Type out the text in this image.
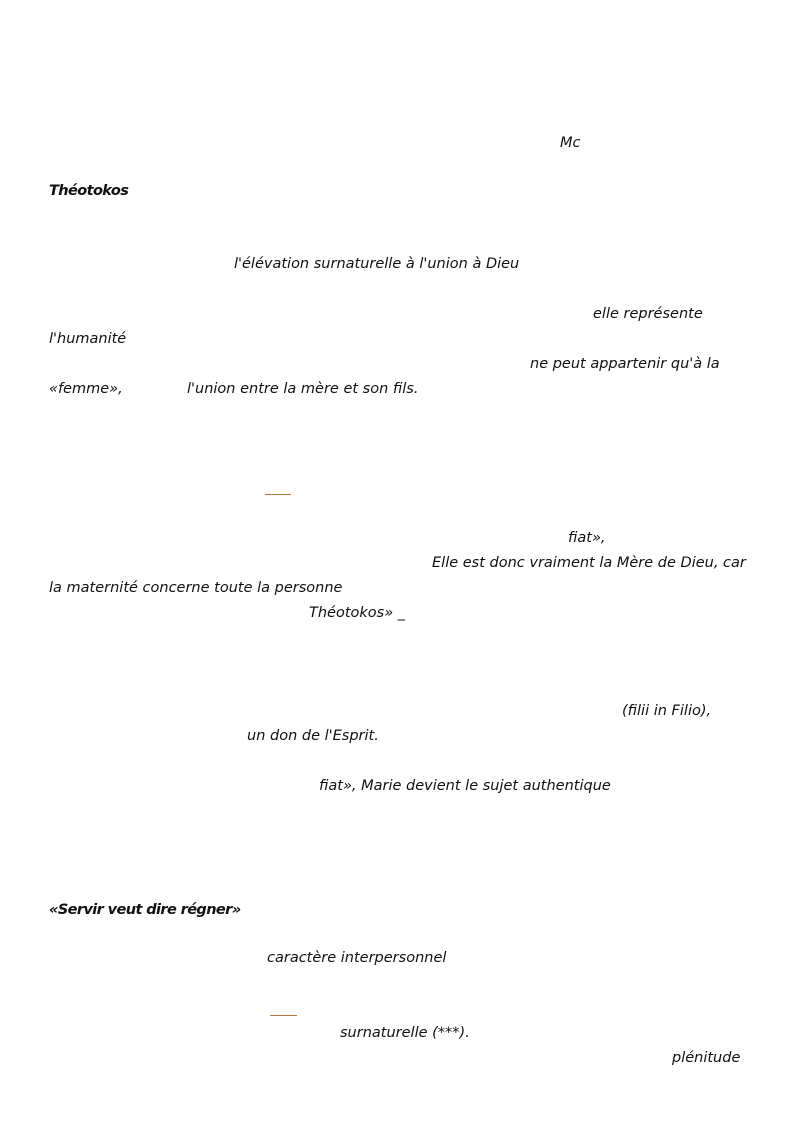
Mc
Théotokos
l'élévation surnaturelle à l'union à Dieu
elle représente
l'humanité
ne peut appartenir qu'à la
«femme»,	l'union entre la mère et son fils.
fiat»,
Elle est donc vraiment la Mère de Dieu, car
la maternité concerne toute la personne
Théotokos» _
(filii in Filio),
un don de l'Esprit.
fiat», Marie devient le sujet authentique
«Servir veut dire régner»
caractère interpersonnel
surnaturelle (***).
plénitude
